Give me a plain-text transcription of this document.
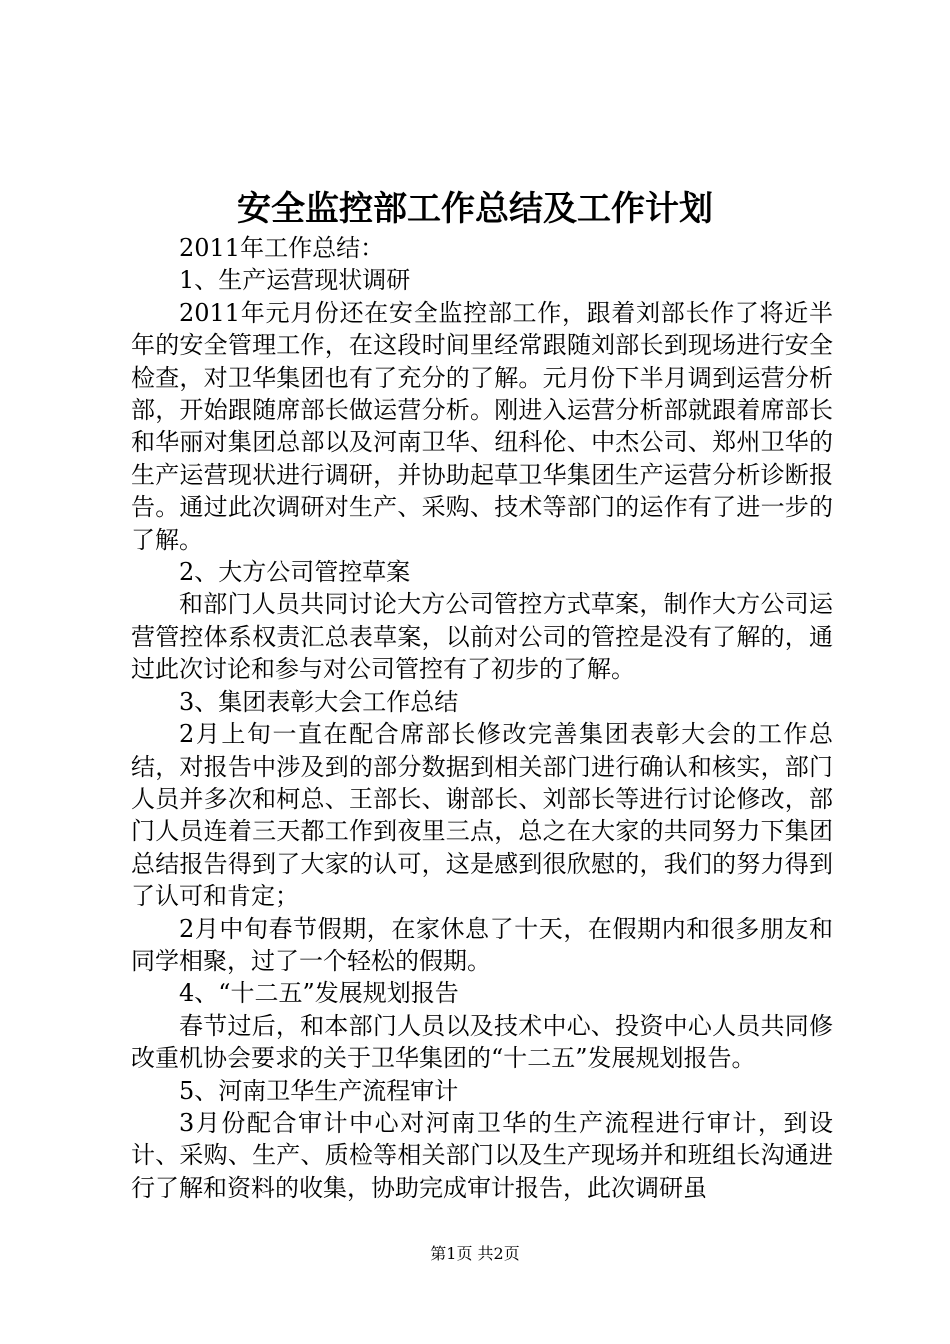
安全监控部工作总结及工作计划

2011年工作总结：

1、生产运营现状调研

2011年元月份还在安全监控部工作，跟着刘部长作了将近半年的安全管理工作，在这段时间里经常跟随刘部长到现场进行安全检查，对卫华集团也有了充分的了解。元月份下半月调到运营分析部，开始跟随席部长做运营分析。刚进入运营分析部就跟着席部长和华丽对集团总部以及河南卫华、纽科伦、中杰公司、郑州卫华的生产运营现状进行调研，并协助起草卫华集团生产运营分析诊断报告。通过此次调研对生产、采购、技术等部门的运作有了进一步的了解。

2、大方公司管控草案

和部门人员共同讨论大方公司管控方式草案，制作大方公司运营管控体系权责汇总表草案，以前对公司的管控是没有了解的，通过此次讨论和参与对公司管控有了初步的了解。

3、集团表彰大会工作总结

2月上旬一直在配合席部长修改完善集团表彰大会的工作总结，对报告中涉及到的部分数据到相关部门进行确认和核实，部门人员并多次和柯总、王部长、谢部长、刘部长等进行讨论修改，部门人员连着三天都工作到夜里三点，总之在大家的共同努力下集团总结报告得到了大家的认可，这是感到很欣慰的，我们的努力得到了认可和肯定；

2月中旬春节假期，在家休息了十天，在假期内和很多朋友和同学相聚，过了一个轻松的假期。

4、“十二五”发展规划报告

春节过后，和本部门人员以及技术中心、投资中心人员共同修改重机协会要求的关于卫华集团的“十二五”发展规划报告。

5、河南卫华生产流程审计

3月份配合审计中心对河南卫华的生产流程进行审计，到设计、采购、生产、质检等相关部门以及生产现场并和班组长沟通进行了解和资料的收集，协助完成审计报告，此次调研虽

第1页 共2页
